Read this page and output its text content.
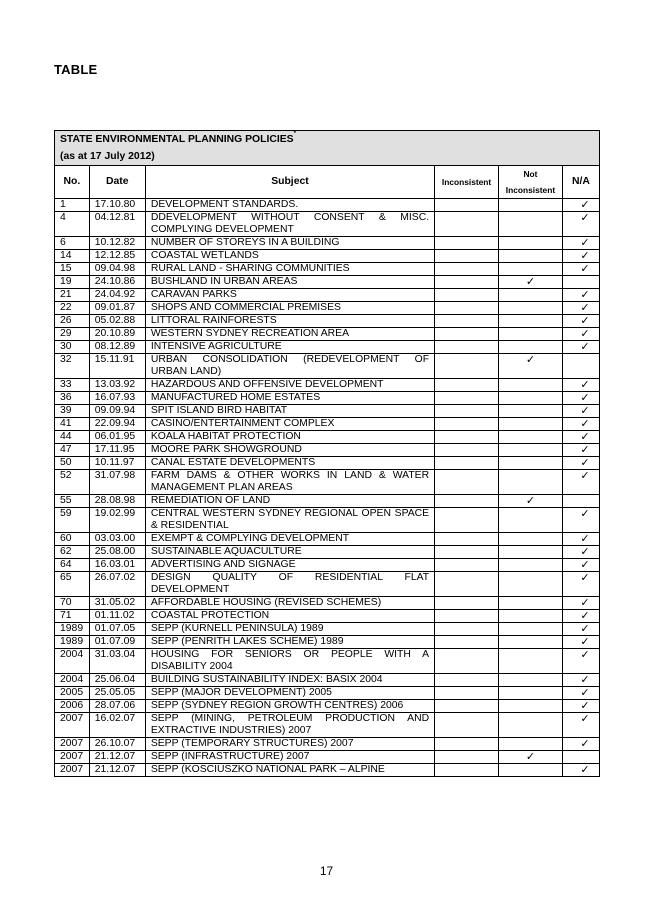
TABLE
STATE ENVIRONMENTAL PLANNING POLICIES*
(as at 17 July 2012)					
No.	Date	Subject	Inconsistent	Not Inconsistent	N/A
1	17.10.80	DEVELOPMENT STANDARDS.			✓
4	04.12.81	DDEVELOPMENT WITHOUT CONSENT & MISC. COMPLYING DEVELOPMENT			✓
6	10.12.82	NUMBER OF STOREYS IN A BUILDING			✓
14	12.12.85	COASTAL WETLANDS			✓
15	09.04.98	RURAL LAND - SHARING COMMUNITIES			✓
19	24.10.86	BUSHLAND IN URBAN AREAS		✓	
21	24.04.92	CARAVAN PARKS			✓
22	09.01.87	SHOPS AND COMMERCIAL PREMISES			✓
26	05.02.88	LITTORAL RAINFORESTS			✓
29	20.10.89	WESTERN SYDNEY RECREATION AREA			✓
30	08.12.89	INTENSIVE AGRICULTURE			✓
32	15.11.91	URBAN CONSOLIDATION (REDEVELOPMENT OF URBAN LAND)		✓	
33	13.03.92	HAZARDOUS AND OFFENSIVE DEVELOPMENT			✓
36	16.07.93	MANUFACTURED HOME ESTATES			✓
39	09.09.94	SPIT ISLAND BIRD HABITAT			✓
41	22.09.94	CASINO/ENTERTAINMENT COMPLEX			✓
44	06.01.95	KOALA HABITAT PROTECTION			✓
47	17.11.95	MOORE PARK SHOWGROUND			✓
50	10.11.97	CANAL ESTATE DEVELOPMENTS			✓
52	31.07.98	FARM DAMS & OTHER WORKS IN LAND & WATER MANAGEMENT PLAN AREAS			✓
55	28.08.98	REMEDIATION OF LAND		✓	
59	19.02.99	CENTRAL WESTERN SYDNEY REGIONAL OPEN SPACE & RESIDENTIAL			✓
60	03.03.00	EXEMPT & COMPLYING DEVELOPMENT			✓
62	25.08.00	SUSTAINABLE AQUACULTURE			✓
64	16.03.01	ADVERTISING AND SIGNAGE			✓
65	26.07.02	DESIGN QUALITY OF RESIDENTIAL FLAT DEVELOPMENT			✓
70	31.05.02	AFFORDABLE HOUSING (REVISED SCHEMES)			✓
71	01.11.02	COASTAL PROTECTION			✓
1989	01.07.05	SEPP (KURNELL PENINSULA) 1989			✓
1989	01.07.09	SEPP (PENRITH LAKES SCHEME) 1989			✓
2004	31.03.04	HOUSING FOR SENIORS OR PEOPLE WITH A DISABILITY 2004			✓
2004	25.06.04	BUILDING SUSTAINABILITY INDEX: BASIX 2004			✓
2005	25.05.05	SEPP (MAJOR DEVELOPMENT) 2005			✓
2006	28.07.06	SEPP (SYDNEY REGION GROWTH CENTRES) 2006			✓
2007	16.02.07	SEPP (MINING, PETROLEUM PRODUCTION AND EXTRACTIVE INDUSTRIES) 2007			✓
2007	26.10.07	SEPP (TEMPORARY STRUCTURES) 2007			✓
2007	21.12.07	SEPP (INFRASTRUCTURE) 2007		✓	
2007	21.12.07	SEPP (KOSCIUSZKO NATIONAL PARK – ALPINE			✓
17
